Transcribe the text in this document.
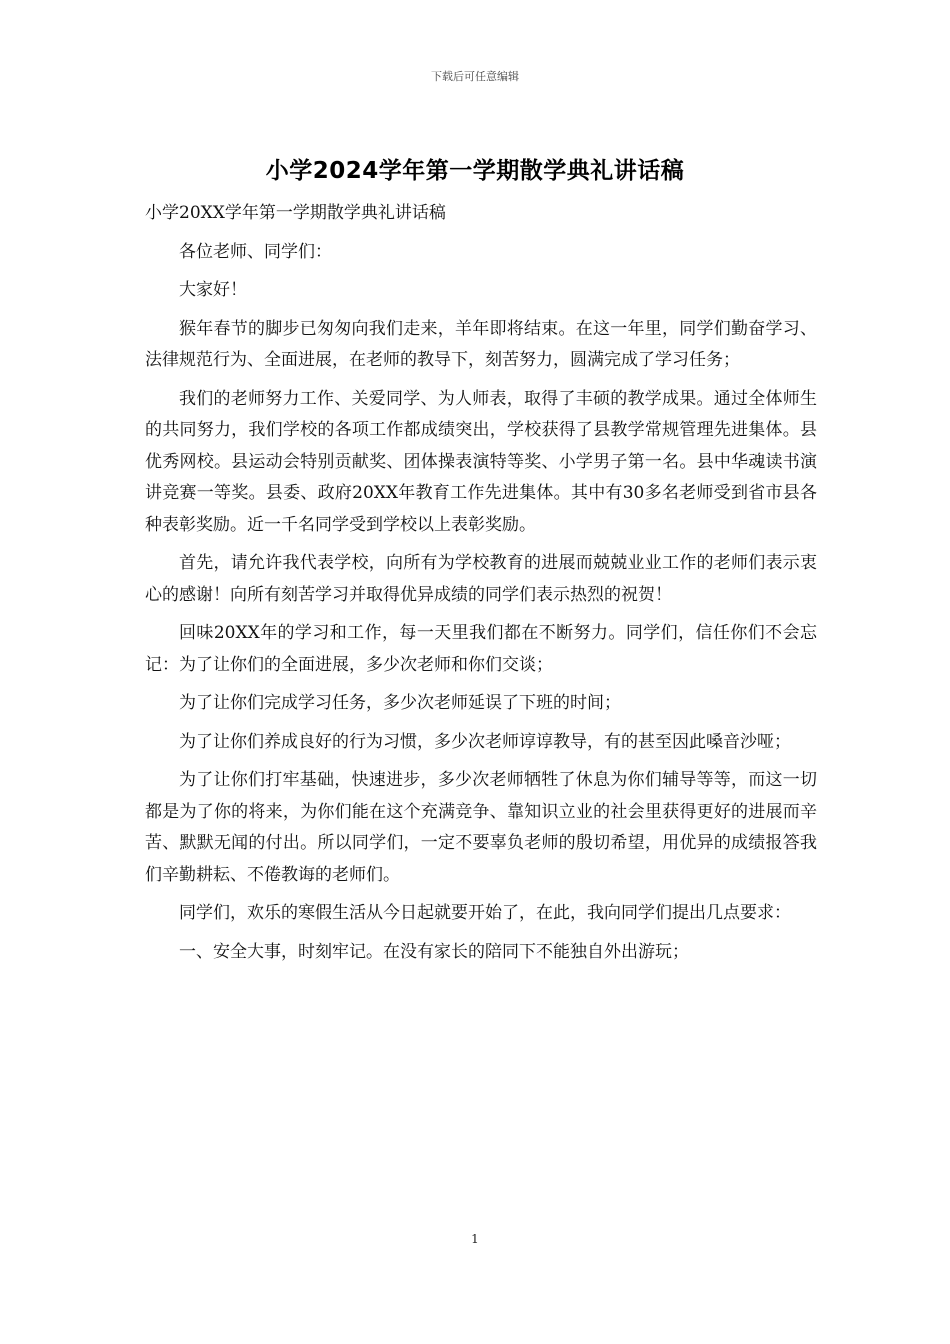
下载后可任意编辑
小学2024学年第一学期散学典礼讲话稿

小学20XX学年第一学期散学典礼讲话稿

各位老师、同学们：

大家好！

猴年春节的脚步已匆匆向我们走来，羊年即将结束。在这一年里，同学们勤奋学习、法律规范行为、全面进展，在老师的教导下，刻苦努力，圆满完成了学习任务；

我们的老师努力工作、关爱同学、为人师表，取得了丰硕的教学成果。通过全体师生的共同努力，我们学校的各项工作都成绩突出，学校获得了县教学常规管理先进集体。县优秀网校。县运动会特别贡献奖、团体操表演特等奖、小学男子第一名。县中华魂读书演讲竞赛一等奖。县委、政府20XX年教育工作先进集体。其中有30多名老师受到省市县各种表彰奖励。近一千名同学受到学校以上表彰奖励。

首先，请允许我代表学校，向所有为学校教育的进展而兢兢业业工作的老师们表示衷心的感谢！向所有刻苦学习并取得优异成绩的同学们表示热烈的祝贺！

回味20XX年的学习和工作，每一天里我们都在不断努力。同学们，信任你们不会忘记：为了让你们的全面进展，多少次老师和你们交谈；

为了让你们完成学习任务，多少次老师延误了下班的时间；

为了让你们养成良好的行为习惯，多少次老师谆谆教导，有的甚至因此嗓音沙哑；

为了让你们打牢基础，快速进步，多少次老师牺牲了休息为你们辅导等等，而这一切都是为了你的将来，为你们能在这个充满竞争、靠知识立业的社会里获得更好的进展而辛苦、默默无闻的付出。所以同学们，一定不要辜负老师的殷切希望，用优异的成绩报答我们辛勤耕耘、不倦教诲的老师们。

同学们，欢乐的寒假生活从今日起就要开始了，在此，我向同学们提出几点要求：

一、安全大事，时刻牢记。在没有家长的陪同下不能独自外出游玩；

1
